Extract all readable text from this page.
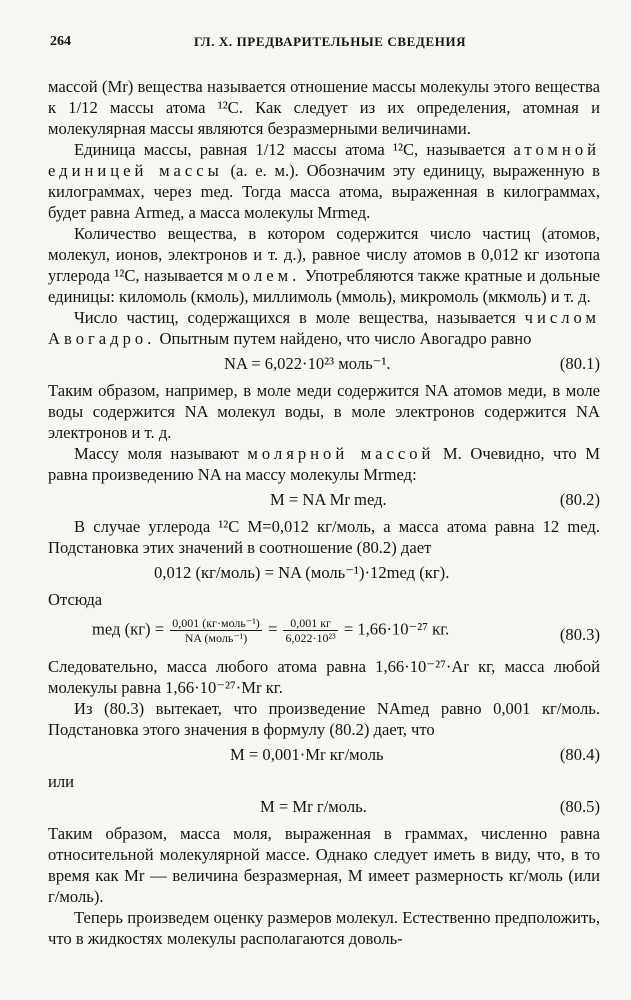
264	ГЛ. X. ПРЕДВАРИТЕЛЬНЫЕ СВЕДЕНИЯ

массой (Mr) вещества называется отношение массы молекулы этого вещества к 1/12 массы атома ¹²C. Как следует из их определения, атомная и молекулярная массы являются безразмерными величинами.

Единица массы, равная 1/12 массы атома ¹²C, называется атомной единицей массы (а. е. м.). Обозначим эту единицу, выраженную в килограммах, через mед. Тогда масса атома, выраженная в килограммах, будет равна Armед, а масса молекулы Mrmед.

Количество вещества, в котором содержится число частиц (атомов, молекул, ионов, электронов и т. д.), равное числу атомов в 0,012 кг изотопа углерода ¹²C, называется молем. Употребляются также кратные и дольные единицы: киломоль (кмоль), миллимоль (ммоль), микромоль (мкмоль) и т. д.

Число частиц, содержащихся в моле вещества, называется числом Авогадро. Опытным путем найдено, что число Авогадро равно

NA = 6,022·10²³ моль⁻¹.	(80.1)

Таким образом, например, в моле меди содержится NA атомов меди, в моле воды содержится NA молекул воды, в моле электронов содержится NA электронов и т. д.

Массу моля называют молярной массой M. Очевидно, что M равна произведению NA на массу молекулы Mrmед:

M = NA Mr mед.	(80.2)

В случае углерода ¹²C M=0,012 кг/моль, а масса атома равна 12 mед. Подстановка этих значений в соотношение (80.2) дает

0,012 (кг/моль) = NA (моль⁻¹)·12mед (кг).

Отсюда

mед $(кг) = \frac{\text{0,001 (кг·моль⁻¹)}}{\text{NA (моль⁻¹)}} = \frac{0,001 кг}{\text{6,022·10²³}} = 1,66\cdot 10^{-27}$ кг.	(80.3)

Следовательно, масса любого атома равна 1,66·10⁻²⁷·Ar кг, масса любой молекулы равна 1,66·10⁻²⁷·Mr кг.

Из (80.3) вытекает, что произведение NAmед равно 0,001 кг/моль. Подстановка этого значения в формулу (80.2) дает, что

M = 0,001·Mr кг/моль	(80.4)

или

M = Mr г/моль.	(80.5)

Таким образом, масса моля, выраженная в граммах, численно равна относительной молекулярной массе. Однако следует иметь в виду, что, в то время как Mr — величина безразмерная, M имеет размерность кг/моль (или г/моль).

Теперь произведем оценку размеров молекул. Естественно предположить, что в жидкостях молекулы располагаются доволь-
